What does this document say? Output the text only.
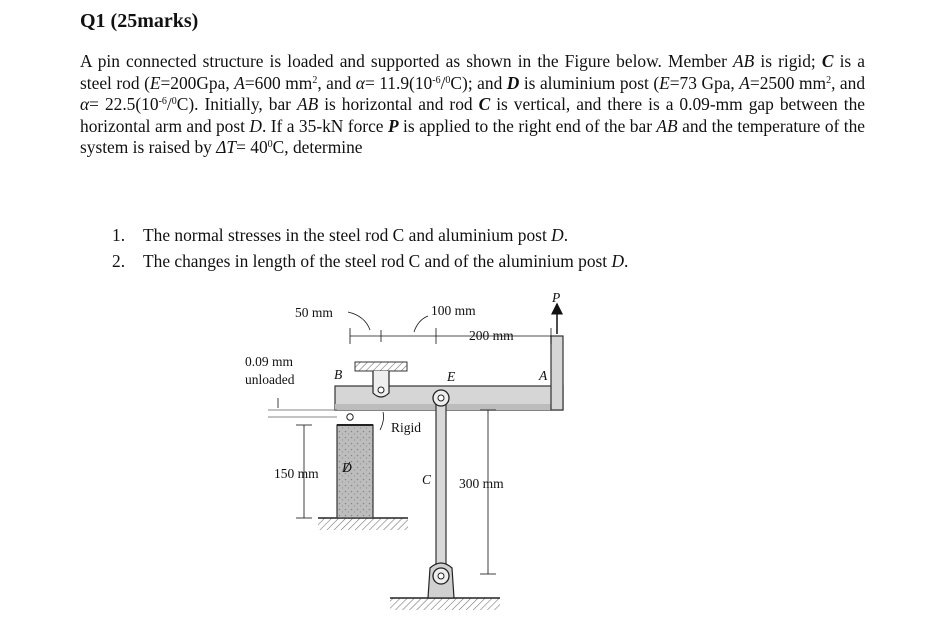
Q1 (25marks)
A pin connected structure is loaded and supported as shown in the Figure below. Member AB is rigid; C is a steel rod (E=200Gpa, A=600 $mm^2$, and $\alpha= 11.9(10^{-6}/^0C)$; and D is aluminium post (E=73 Gpa, A=2500 $mm^2$, and $\alpha= 22.5(10^{-6}/^0C)$. Initially, bar AB is horizontal and rod C is vertical, and there is a 0.09-mm gap between the horizontal arm and post D. If a 35-kN force P is applied to the right end of the bar AB and the temperature of the system is raised by $\Delta T= 40^0C$, determine
1. The normal stresses in the steel rod C and aluminium post D.
2. The changes in length of the steel rod C and of the aluminium post D.
50 mm	100 mm
200 mm
0.09 mm
unloaded	B	E	A
P
Rigid
D
C
150 mm
300 mm
